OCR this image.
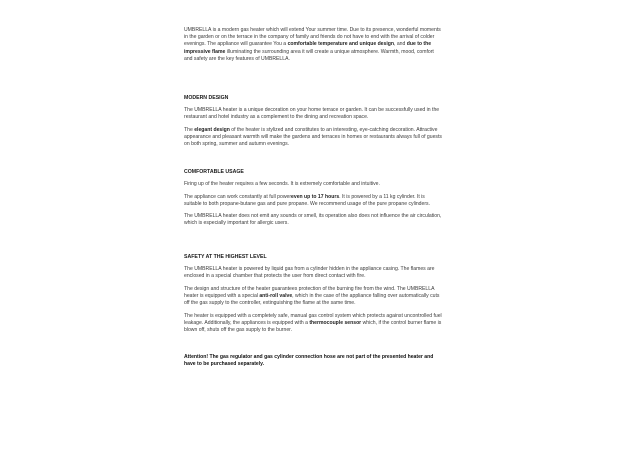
UMBRELLA is a modern gas heater which will extend Your summer time. Due to its presence, wonderful moments in the garden or on the terrace in the company of family and friends do not have to end with the arrival of colder evenings. The appliance will guarantee You a comfortable temperature and unique design, and due to the impressive flame illuminating the surrounding area it will create a unique atmosphere. Warmth, mood, comfort and safety are the key features of UMBRELLA.

MODERN DESIGN

The UMBRELLA heater is a unique decoration on your home terrace or garden. It can be successfully used in the restaurant and hotel industry as a complement to the dining and recreation space.

The elegant design of the heater is stylized and constitutes to an interesting, eye-catching decoration. Attractive appearance and pleasant warmth will make the gardens and terraces in homes or restaurants always full of guests on both spring, summer and autumn evenings.

COMFORTABLE USAGE

Firing up of the heater requires a few seconds. It is extremely comfortable and intuitive.

The appliance can work constantly at full powereven up to 17 hours. It is powered by a 11 kg cylinder. It is suitable to both propane-butane gas and pure propane. We recommend usage of the pure propane cylinders.

The UMBRELLA heater does not emit any sounds or smell, its operation also does not influence the air circulation, which is especially important for allergic users.

SAFETY AT THE HIGHEST LEVEL

The UMBRELLA heater is powered by liquid gas from a cylinder hidden in the appliance casing. The flames are enclosed in a special chamber that protects the user from direct contact with fire.

The design and structure of the heater guarantees protection of the burning fire from the wind. The UMBRELLA heater is equipped with a special anti-roll valve, which in the case of the appliance falling over automatically cuts off the gas supply to the controller, extinguishing the flame at the same time.

The heater is equipped with a completely safe, manual gas control system which protects against uncontrolled fuel leakage. Additionally, the appliances is equipped with a thermocouple sensor which, if the control burner flame is blown off, shuts off the gas supply to the burner.

Attention! The gas regulator and gas cylinder connection hose are not part of the presented heater and have to be purchased separately.
